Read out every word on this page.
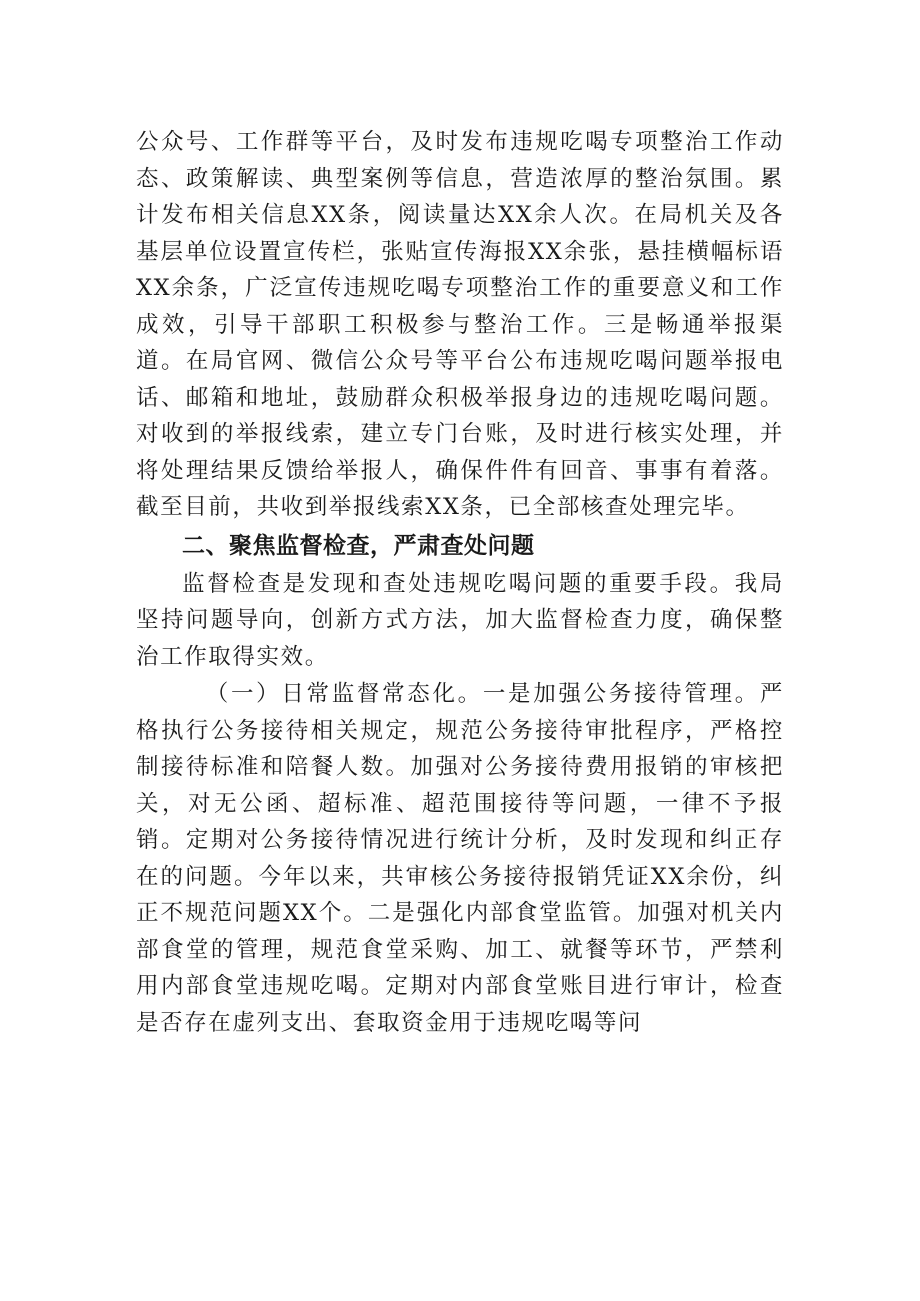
公众号、工作群等平台，及时发布违规吃喝专项整治工作动态、政策解读、典型案例等信息，营造浓厚的整治氛围。累计发布相关信息XX条，阅读量达XX余人次。在局机关及各基层单位设置宣传栏，张贴宣传海报XX余张，悬挂横幅标语XX余条，广泛宣传违规吃喝专项整治工作的重要意义和工作成效，引导干部职工积极参与整治工作。三是畅通举报渠道。在局官网、微信公众号等平台公布违规吃喝问题举报电话、邮箱和地址，鼓励群众积极举报身边的违规吃喝问题。对收到的举报线索，建立专门台账，及时进行核实处理，并将处理结果反馈给举报人，确保件件有回音、事事有着落。截至目前，共收到举报线索XX条，已全部核查处理完毕。

二、聚焦监督检查，严肃查处问题

监督检查是发现和查处违规吃喝问题的重要手段。我局坚持问题导向，创新方式方法，加大监督检查力度，确保整治工作取得实效。

（一）日常监督常态化。一是加强公务接待管理。严格执行公务接待相关规定，规范公务接待审批程序，严格控制接待标准和陪餐人数。加强对公务接待费用报销的审核把关，对无公函、超标准、超范围接待等问题，一律不予报销。定期对公务接待情况进行统计分析，及时发现和纠正存在的问题。今年以来，共审核公务接待报销凭证XX余份，纠正不规范问题XX个。二是强化内部食堂监管。加强对机关内部食堂的管理，规范食堂采购、加工、就餐等环节，严禁利用内部食堂违规吃喝。定期对内部食堂账目进行审计，检查是否存在虚列支出、套取资金用于违规吃喝等问
